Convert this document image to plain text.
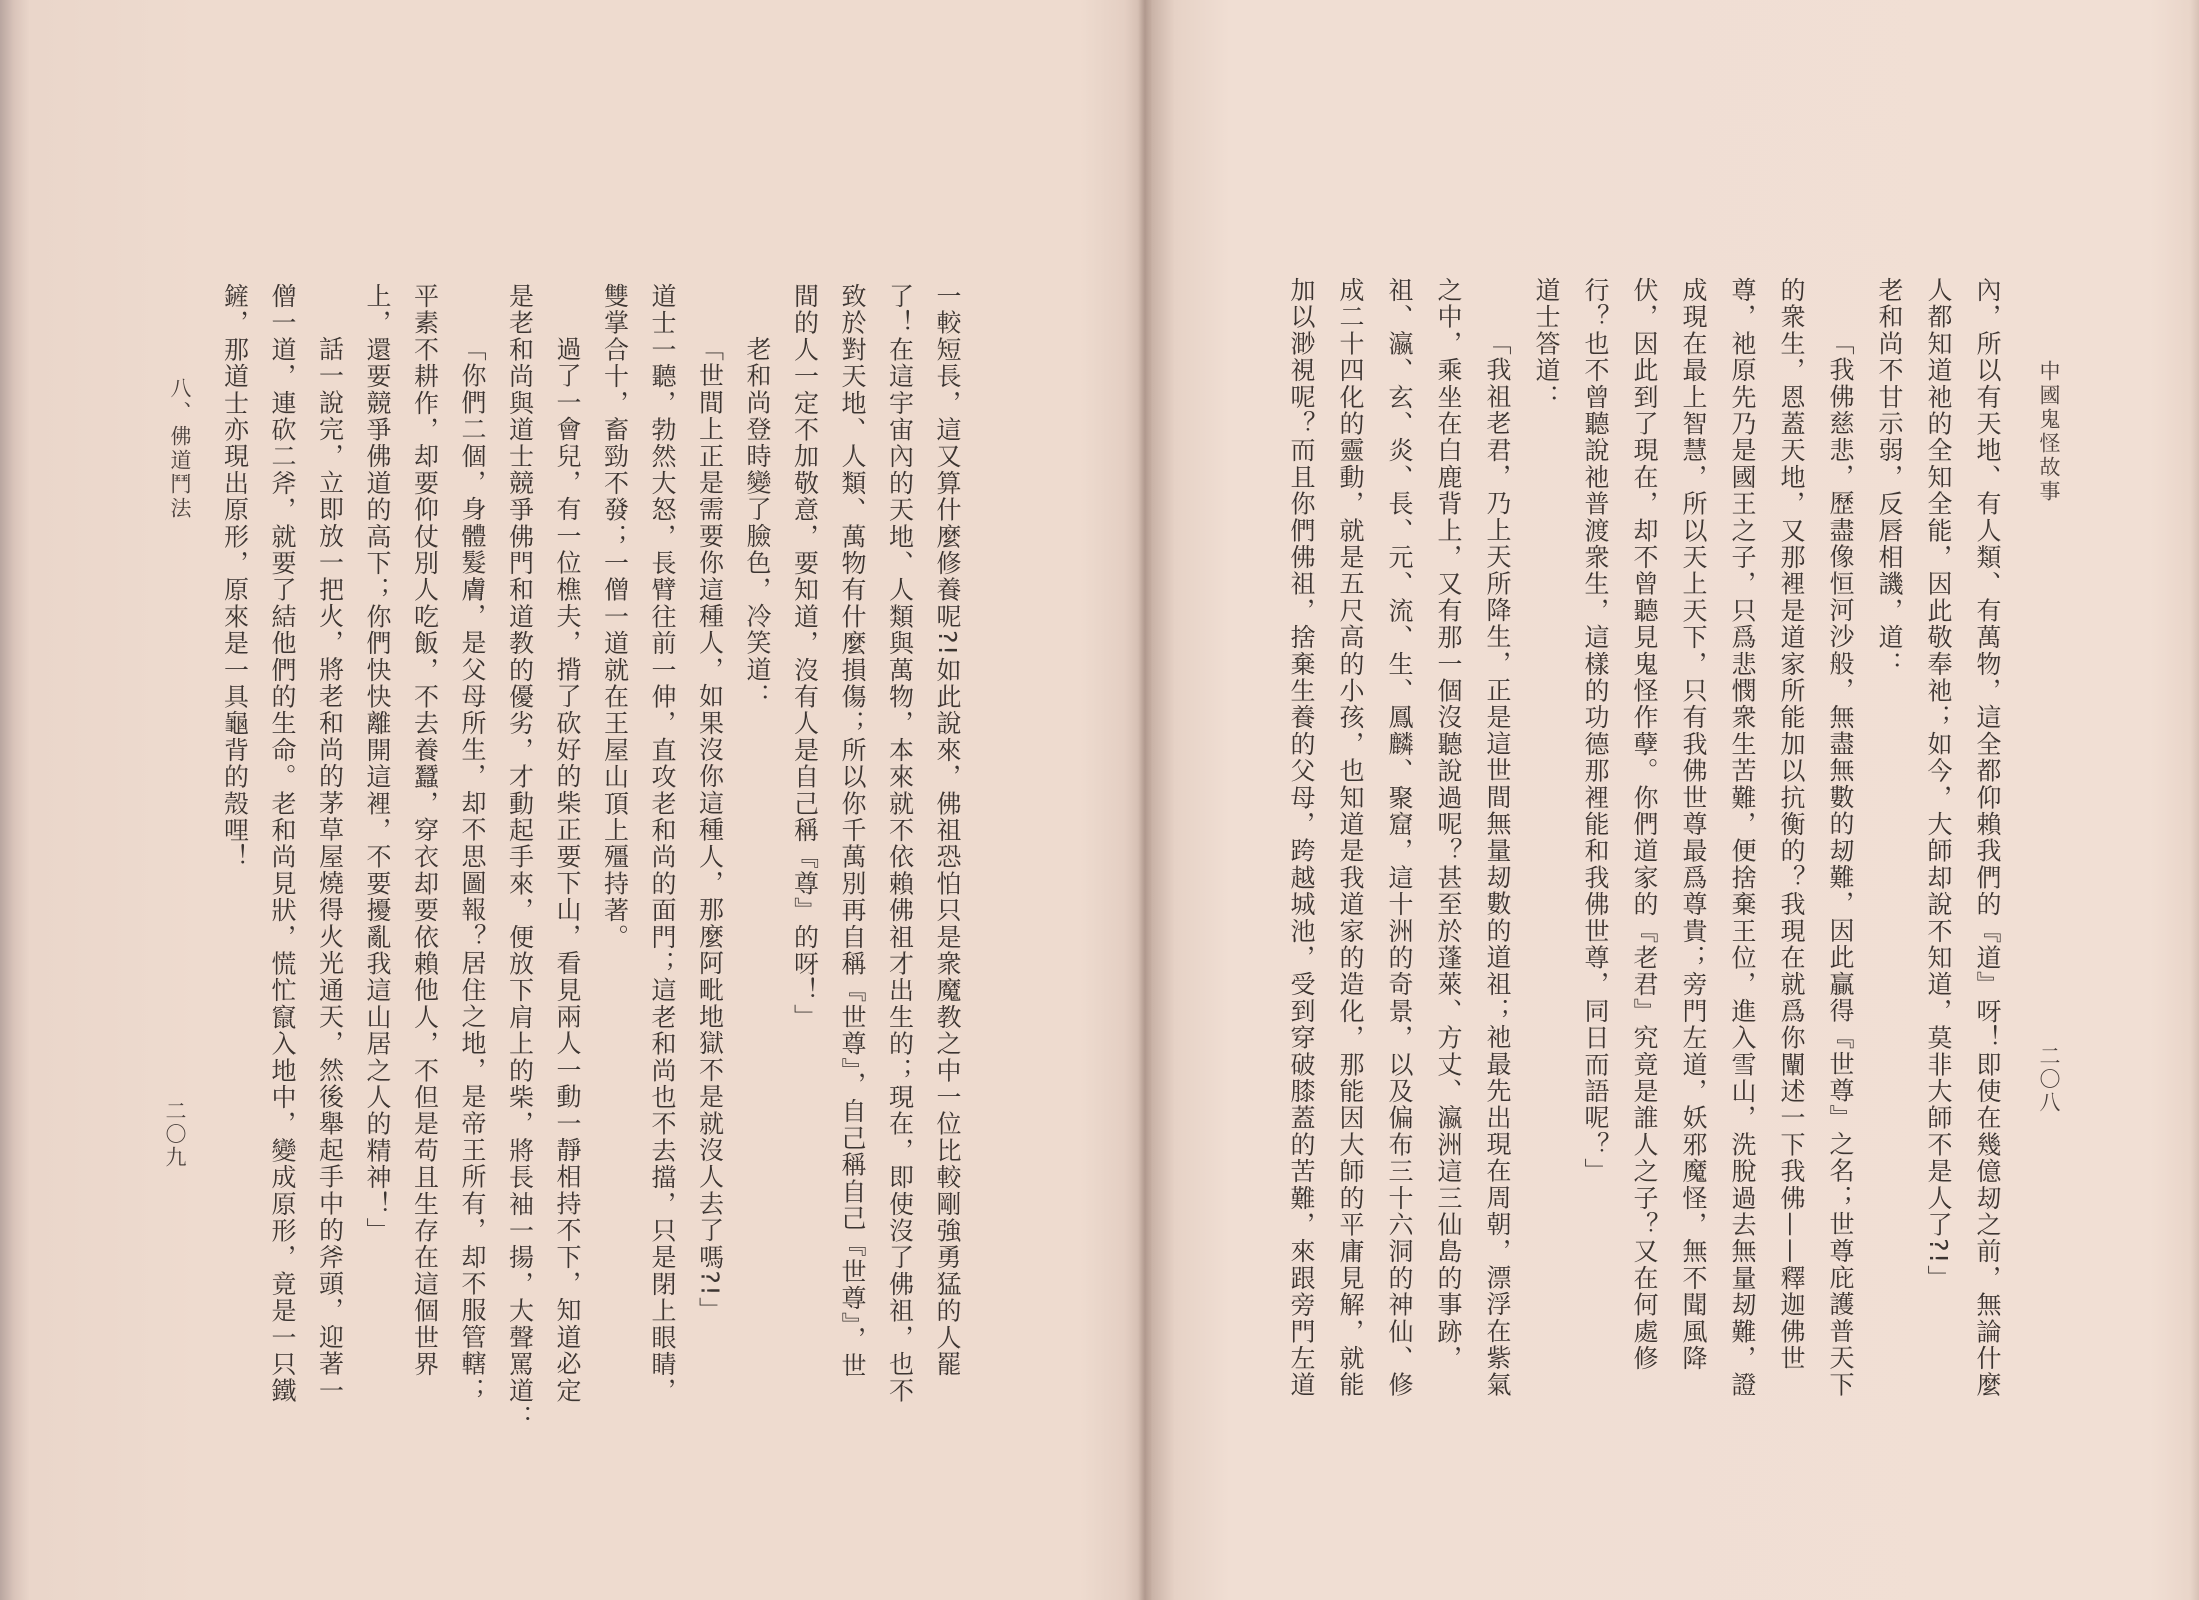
中國鬼怪故事
二〇八
八、佛道鬥法
二〇九	內，所以有天地、有人類、有萬物，這全都仰賴我們的『道』呀！即使在幾億刼之前，無論什麼
人都知道祂的全知全能，因此敬奉祂；如今，大師却說不知道，莫非大師不是人了?!」
老和尚不甘示弱，反唇相譏，道：
「我佛慈悲，歷盡像恒河沙般，無盡無數的刼難，因此贏得『世尊』之名；世尊庇護普天下
的衆生，恩蓋天地，又那裡是道家所能加以抗衡的？我現在就爲你闡述一下我佛——釋迦佛世
尊，祂原先乃是國王之子，只爲悲憫衆生苦難，便捨棄王位，進入雪山，洗脫過去無量刼難，證
成現在最上智慧，所以天上天下，只有我佛世尊最爲尊貴；旁門左道，妖邪魔怪，無不聞風降
伏，因此到了現在，却不曾聽見鬼怪作孽。你們道家的『老君』究竟是誰人之子？又在何處修
行？也不曾聽說祂普渡衆生，這樣的功德那裡能和我佛世尊，同日而語呢？」
道士答道：
「我祖老君，乃上天所降生，正是這世間無量刼數的道祖；祂最先出現在周朝，漂浮在紫氣
之中，乘坐在白鹿背上，又有那一個沒聽說過呢？甚至於蓬萊、方丈、瀛洲這三仙島的事跡，
祖、瀛、玄、炎、長、元、流、生、鳳麟、聚窟，這十洲的奇景，以及偏布三十六洞的神仙、修
成二十四化的靈動，就是五尺高的小孩，也知道是我道家的造化，那能因大師的平庸見解，就能
加以渺視呢？而且你們佛祖，捨棄生養的父母，跨越城池，受到穿破膝蓋的苦難，來跟旁門左道
一較短長，這又算什麼修養呢?!如此說來，佛祖恐怕只是衆魔教之中一位比較剛強勇猛的人罷
了！在這宇宙內的天地、人類與萬物，本來就不依賴佛祖才出生的；現在，即使沒了佛祖，也不
致於對天地、人類、萬物有什麼損傷；所以你千萬別再自稱『世尊』，自己稱自己『世尊』，世
間的人一定不加敬意，要知道，沒有人是自己稱『尊』的呀！」
老和尚登時變了臉色，冷笑道：
「世間上正是需要你這種人，如果沒你這種人，那麼阿毗地獄不是就沒人去了嗎?!」
道士一聽，勃然大怒，長臂往前一伸，直攻老和尚的面門；這老和尚也不去擋，只是閉上眼睛，
雙掌合十，畜勁不發；一僧一道就在王屋山頂上殭持著。
過了一會兒，有一位樵夫，揹了砍好的柴正要下山，看見兩人一動一靜相持不下，知道必定
是老和尚與道士競爭佛門和道教的優劣，才動起手來，便放下肩上的柴，將長袖一揚，大聲罵道：
「你們二個，身體髮膚，是父母所生，却不思圖報？居住之地，是帝王所有，却不服管轄；
平素不耕作，却要仰仗別人吃飯，不去養蠶，穿衣却要依賴他人，不但是苟且生存在這個世界
上，還要競爭佛道的高下；你們快快離開這裡，不要擾亂我這山居之人的精神！」
話一說完，立即放一把火，將老和尚的茅草屋燒得火光通天，然後舉起手中的斧頭，迎著一
僧一道，連砍二斧，就要了結他們的生命。老和尚見狀，慌忙竄入地中，變成原形，竟是一只鐵
鏟，那道士亦現出原形，原來是一具龜背的殼哩！
